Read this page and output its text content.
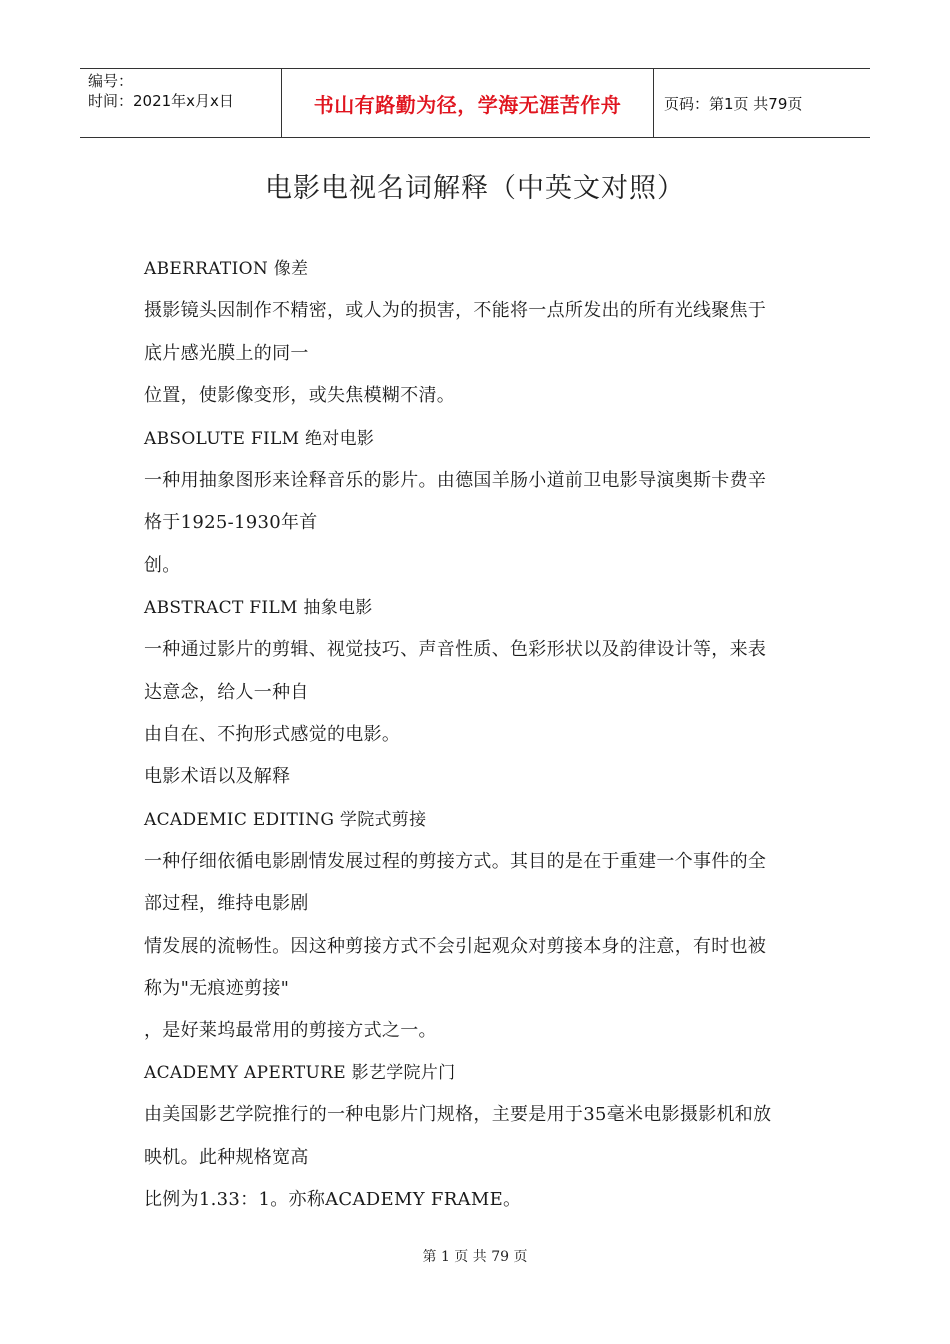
编号：
时间：2021年x月x日	书山有路勤为径，学海无涯苦作舟	页码：第1页 共79页
电影电视名词解释（中英文对照）
ABERRATION 像差
摄影镜头因制作不精密，或人为的损害，不能将一点所发出的所有光线聚焦于
底片感光膜上的同一
位置，使影像变形，或失焦模糊不清。
ABSOLUTE FILM 绝对电影
一种用抽象图形来诠释音乐的影片。由德国羊肠小道前卫电影导演奥斯卡费辛
格于1925-1930年首
创。
ABSTRACT FILM 抽象电影
一种通过影片的剪辑、视觉技巧、声音性质、色彩形状以及韵律设计等，来表
达意念，给人一种自
由自在、不拘形式感觉的电影。
电影术语以及解释
ACADEMIC EDITING 学院式剪接
一种仔细依循电影剧情发展过程的剪接方式。其目的是在于重建一个事件的全
部过程，维持电影剧
情发展的流畅性。因这种剪接方式不会引起观众对剪接本身的注意，有时也被
称为"无痕迹剪接"
，是好莱坞最常用的剪接方式之一。
ACADEMY APERTURE 影艺学院片门
由美国影艺学院推行的一种电影片门规格，主要是用于35毫米电影摄影机和放
映机。此种规格宽高
比例为1.33：1。亦称ACADEMY FRAME。
第 1 页 共 79 页
